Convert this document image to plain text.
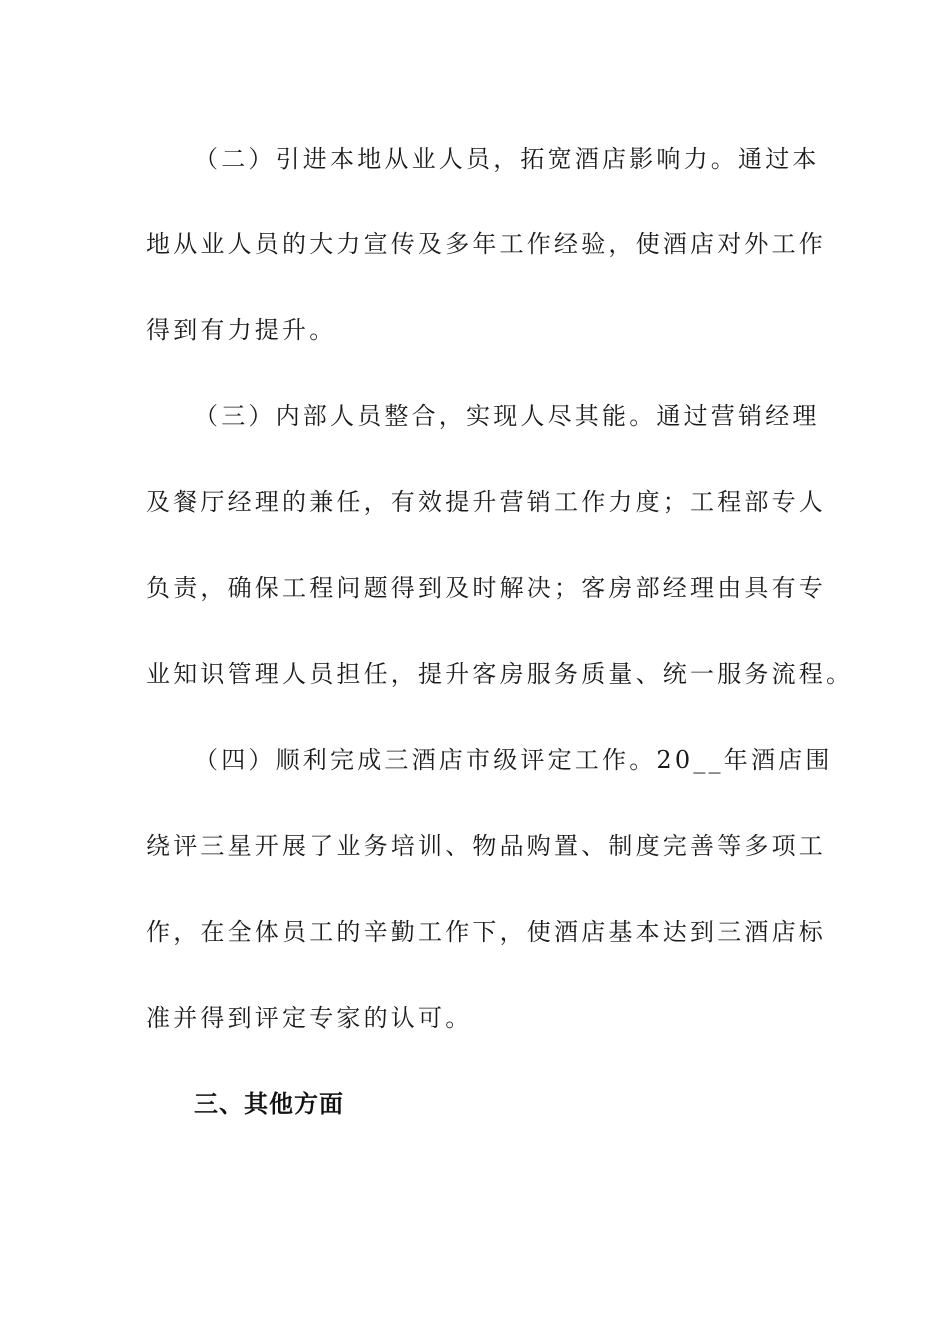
（二）引进本地从业人员，拓宽酒店影响力。通过本
地从业人员的大力宣传及多年工作经验，使酒店对外工作
得到有力提升。
（三）内部人员整合，实现人尽其能。通过营销经理
及餐厅经理的兼任，有效提升营销工作力度；工程部专人
负责，确保工程问题得到及时解决；客房部经理由具有专
业知识管理人员担任，提升客房服务质量、统一服务流程。
（四）顺利完成三酒店市级评定工作。20__年酒店围
绕评三星开展了业务培训、物品购置、制度完善等多项工
作，在全体员工的辛勤工作下，使酒店基本达到三酒店标
准并得到评定专家的认可。
三、其他方面
